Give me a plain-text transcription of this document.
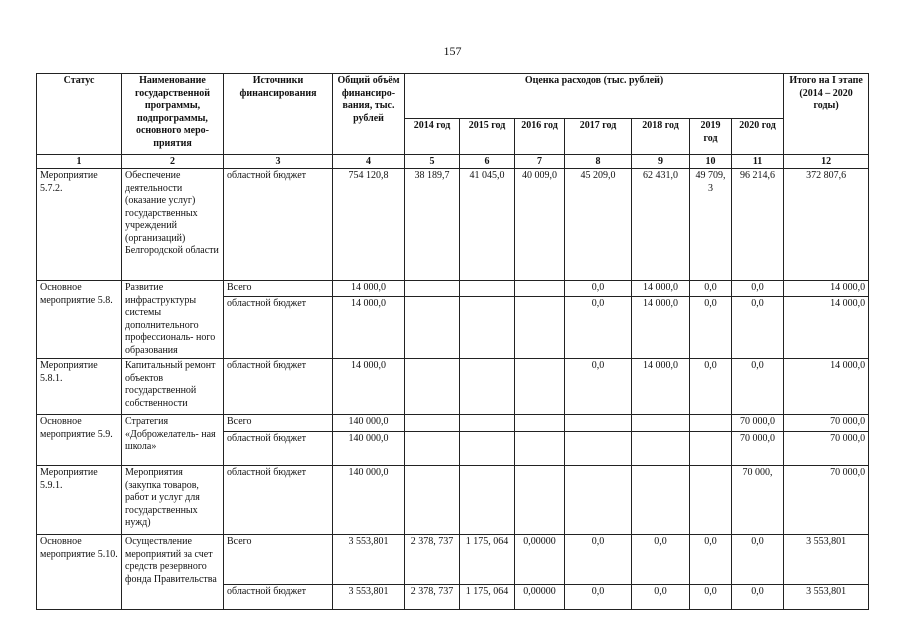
157
Статус	Наименование государственной программы, подпрограммы, основного меро- приятия	Источники финансирования	Общий объём финансиро- вания, тыс. рублей	Оценка расходов (тыс. рублей)							Итого на I этапе (2014 – 2020 годы)
				2014 год	2015 год	2016 год	2017 год	2018 год	2019 год	2020 год	
1	2	3	4	5	6	7	8	9	10	11	12
Мероприятие 5.7.2.	Обеспечение деятельности (оказание услуг) государственных учреждений (организаций) Белгородской области	областной бюджет	754 120,8	38 189,7	41 045,0	40 009,0	45 209,0	62 431,0	49 709, 3	96 214,6	372 807,6
Основное мероприятие 5.8.	Развитие инфраструктуры системы дополнительного профессиональ- ного образования	Всего	14 000,0				0,0	14 000,0	0,0	0,0	14 000,0
		областной бюджет	14 000,0				0,0	14 000,0	0,0	0,0	14 000,0
Мероприятие 5.8.1.	Капитальный ремонт объектов государственной собственности	областной бюджет	14 000,0				0,0	14 000,0	0,0	0,0	14 000,0
Основное мероприятие 5.9.	Стратегия «Доброжелатель- ная школа»	Всего	140 000,0							70 000,0	70 000,0
		областной бюджет	140 000,0							70 000,0	70 000,0
Мероприятие 5.9.1.	Мероприятия (закупка товаров, работ и услуг для государственных нужд)	областной бюджет	140 000,0							70 000,	70 000,0
Основное мероприятие 5.10.	Осуществление мероприятий за счет средств резервного фонда Правительства	Всего	3 553,801	2 378, 737	1 175, 064	0,00000	0,0	0,0	0,0	0,0	3 553,801
		областной бюджет	3 553,801	2 378, 737	1 175, 064	0,00000	0,0	0,0	0,0	0,0	3 553,801
